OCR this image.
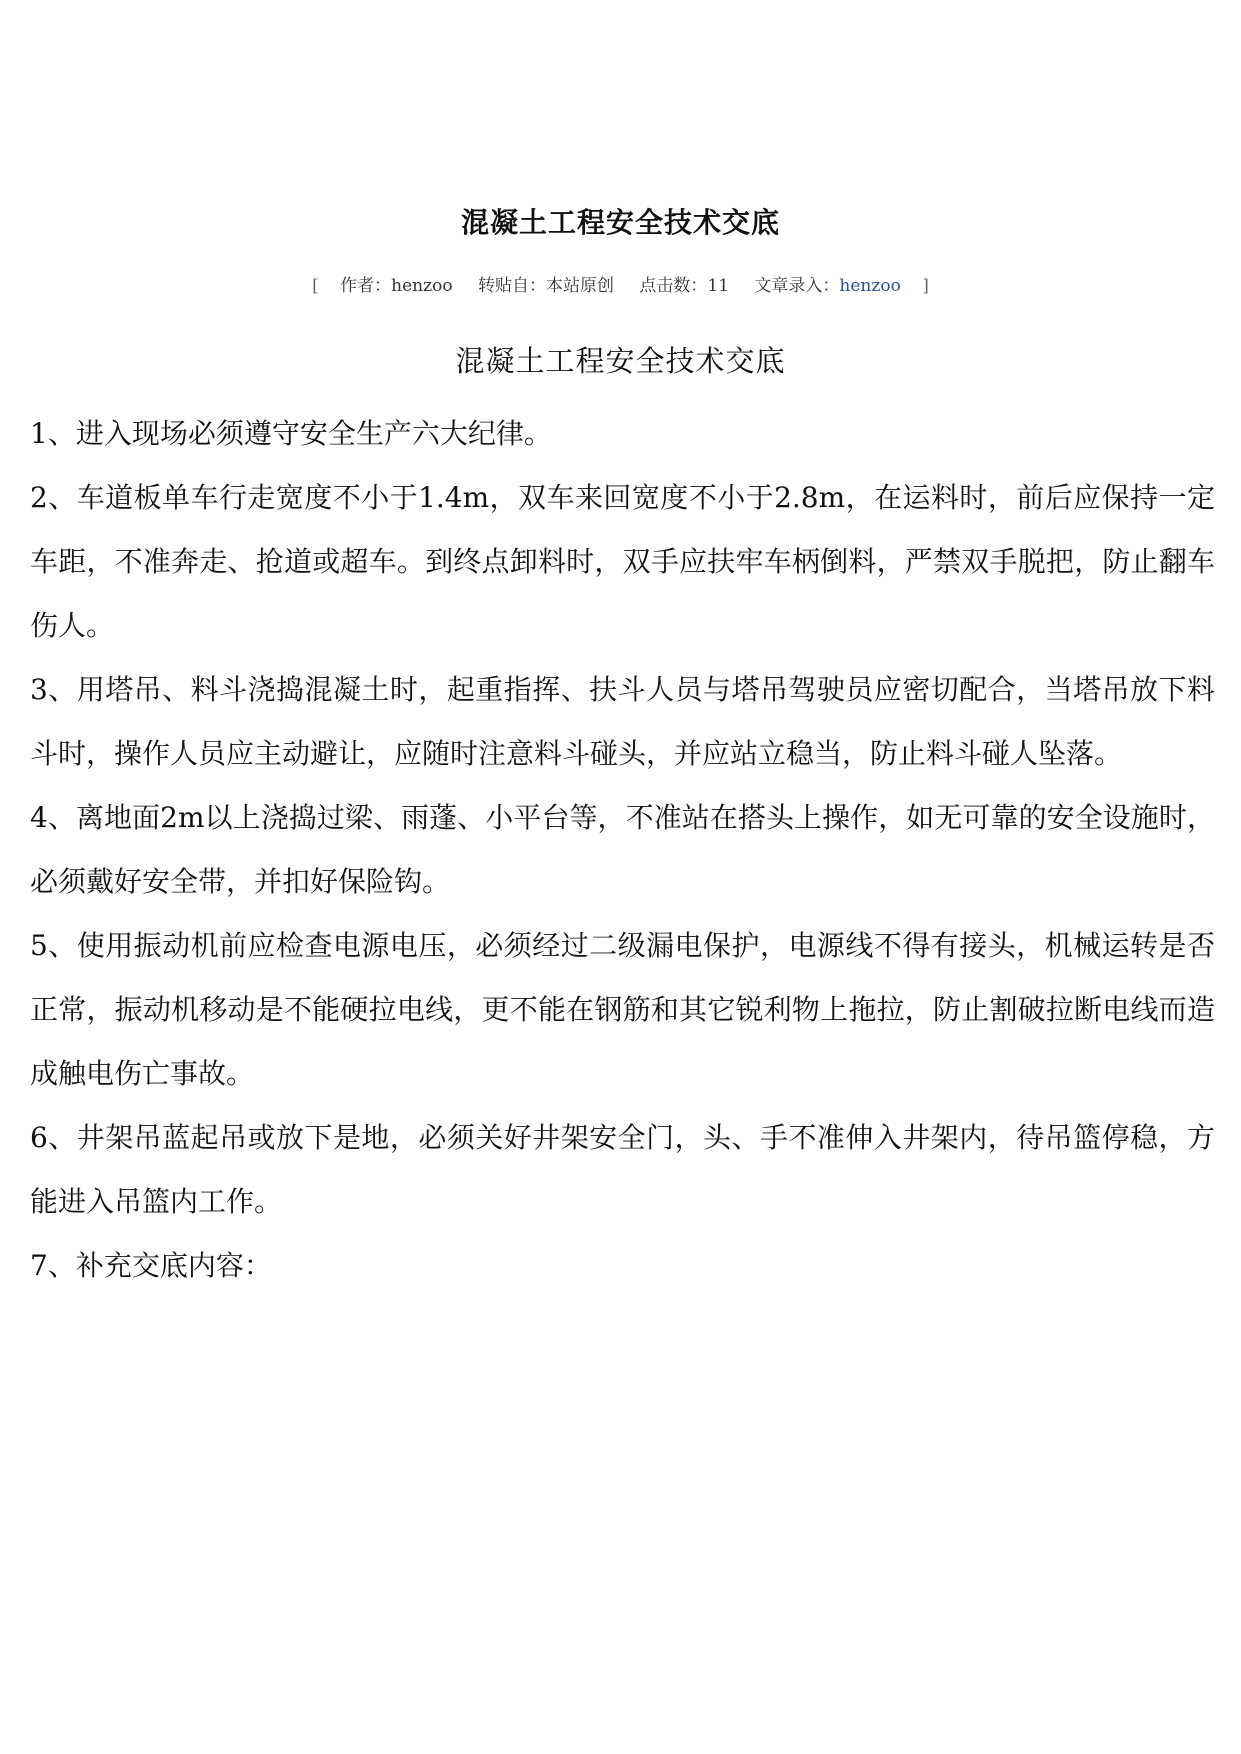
混凝土工程安全技术交底
[ 作者：henzoo 转贴自：本站原创 点击数：11 文章录入：henzoo ]
混凝土工程安全技术交底

1、进入现场必须遵守安全生产六大纪律。

2、车道板单车行走宽度不小于1.4m，双车来回宽度不小于2.8m，在运料时，前后应保持一定车距，不准奔走、抢道或超车。到终点卸料时，双手应扶牢车柄倒料，严禁双手脱把，防止翻车伤人。

3、用塔吊、料斗浇捣混凝土时，起重指挥、扶斗人员与塔吊驾驶员应密切配合，当塔吊放下料斗时，操作人员应主动避让，应随时注意料斗碰头，并应站立稳当，防止料斗碰人坠落。

4、离地面2m以上浇捣过梁、雨蓬、小平台等，不准站在搭头上操作，如无可靠的安全设施时，必须戴好安全带，并扣好保险钩。

5、使用振动机前应检查电源电压，必须经过二级漏电保护，电源线不得有接头，机械运转是否正常，振动机移动是不能硬拉电线，更不能在钢筋和其它锐利物上拖拉，防止割破拉断电线而造成触电伤亡事故。

6、井架吊蓝起吊或放下是地，必须关好井架安全门，头、手不准伸入井架内，待吊篮停稳，方能进入吊篮内工作。

7、补充交底内容：
